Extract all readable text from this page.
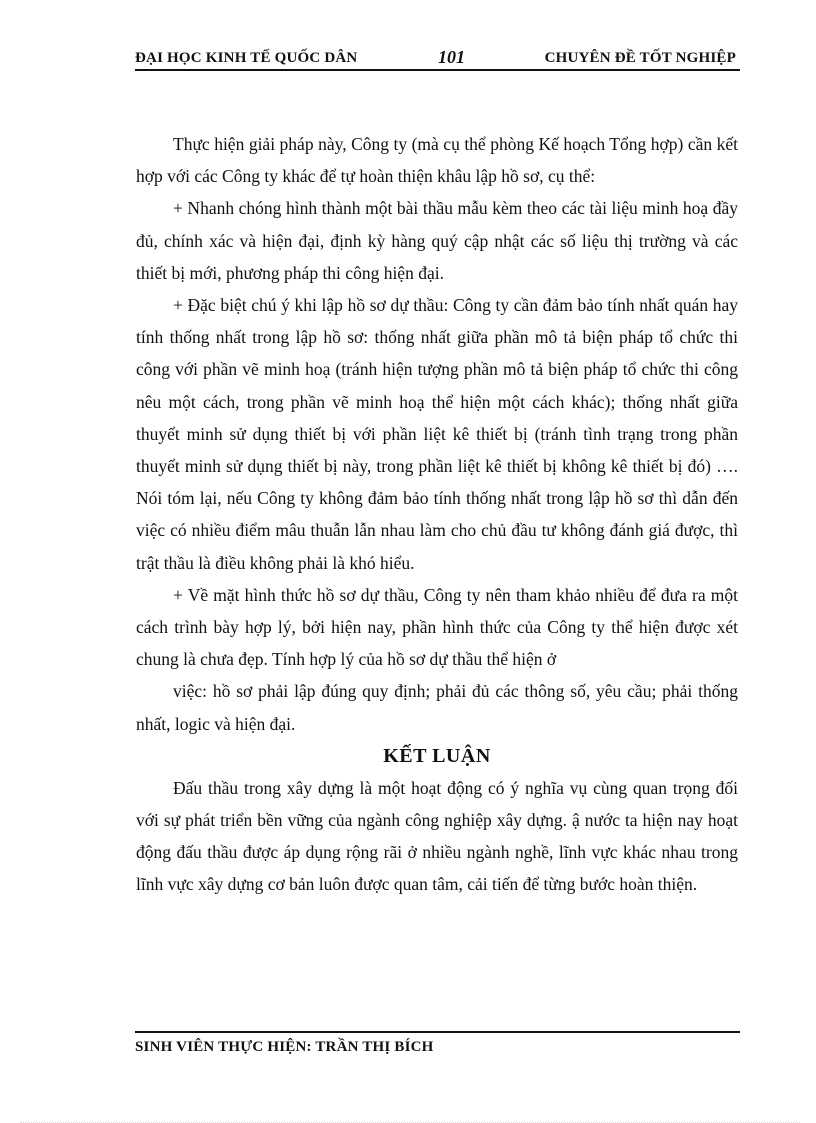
ĐẠI HỌC KINH TẾ QUỐC DÂN	101	CHUYÊN ĐỀ TỐT NGHIỆP

Thực hiện giải pháp này, Công ty (mà cụ thể phòng Kế hoạch Tổng hợp) cần kết hợp với các Công ty khác để tự hoàn thiện khâu lập hồ sơ, cụ thể:

+ Nhanh chóng hình thành một bài thầu mẫu kèm theo các tài liệu minh hoạ đầy đủ, chính xác và hiện đại, định kỳ hàng quý cập nhật các số liệu thị trường và các thiết bị mới, phương pháp thi công hiện đại.

+ Đặc biệt chú ý khi lập hồ sơ dự thầu: Công ty cần đảm bảo tính nhất quán hay tính thống nhất trong lập hồ sơ: thống nhất giữa phần mô tả biện pháp tổ chức thi công với phần vẽ minh hoạ (tránh hiện tượng phần mô tả biện pháp tổ chức thi công nêu một cách, trong phần vẽ minh hoạ thể hiện một cách khác); thống nhất giữa thuyết minh sử dụng thiết bị với phần liệt kê thiết bị (tránh tình trạng trong phần thuyết minh sử dụng thiết bị này, trong phần liệt kê thiết bị không kê thiết bị đó) …. Nói tóm lại, nếu Công ty không đảm bảo tính thống nhất trong lập hồ sơ thì dẫn đến việc có nhiều điểm mâu thuẫn lẫn nhau làm cho chủ đầu tư không đánh giá được, thì trật thầu là điều không phải là khó hiểu.

+ Về mặt hình thức hồ sơ dự thầu, Công ty nên tham khảo nhiều để đưa ra một cách trình bày hợp lý, bởi hiện nay, phần hình thức của Công ty thể hiện được xét chung là chưa đẹp. Tính hợp lý của hồ sơ dự thầu thể hiện ở

việc: hồ sơ phải lập đúng quy định; phải đủ các thông số, yêu cầu; phải thống nhất, logic và hiện đại.

KẾT LUẬN

Đấu thầu trong xây dựng là một hoạt động có ý nghĩa vụ cùng quan trọng đối với sự phát triển bền vững của ngành công nghiệp xây dựng. ậ nước ta hiện nay hoạt động đấu thầu được áp dụng rộng rãi ở nhiều ngành nghề, lĩnh vực khác nhau trong lĩnh vực xây dựng cơ bản luôn được quan tâm, cải tiến để từng bước hoàn thiện.

SINH VIÊN THỰC HIỆN: TRẦN THỊ BÍCH
